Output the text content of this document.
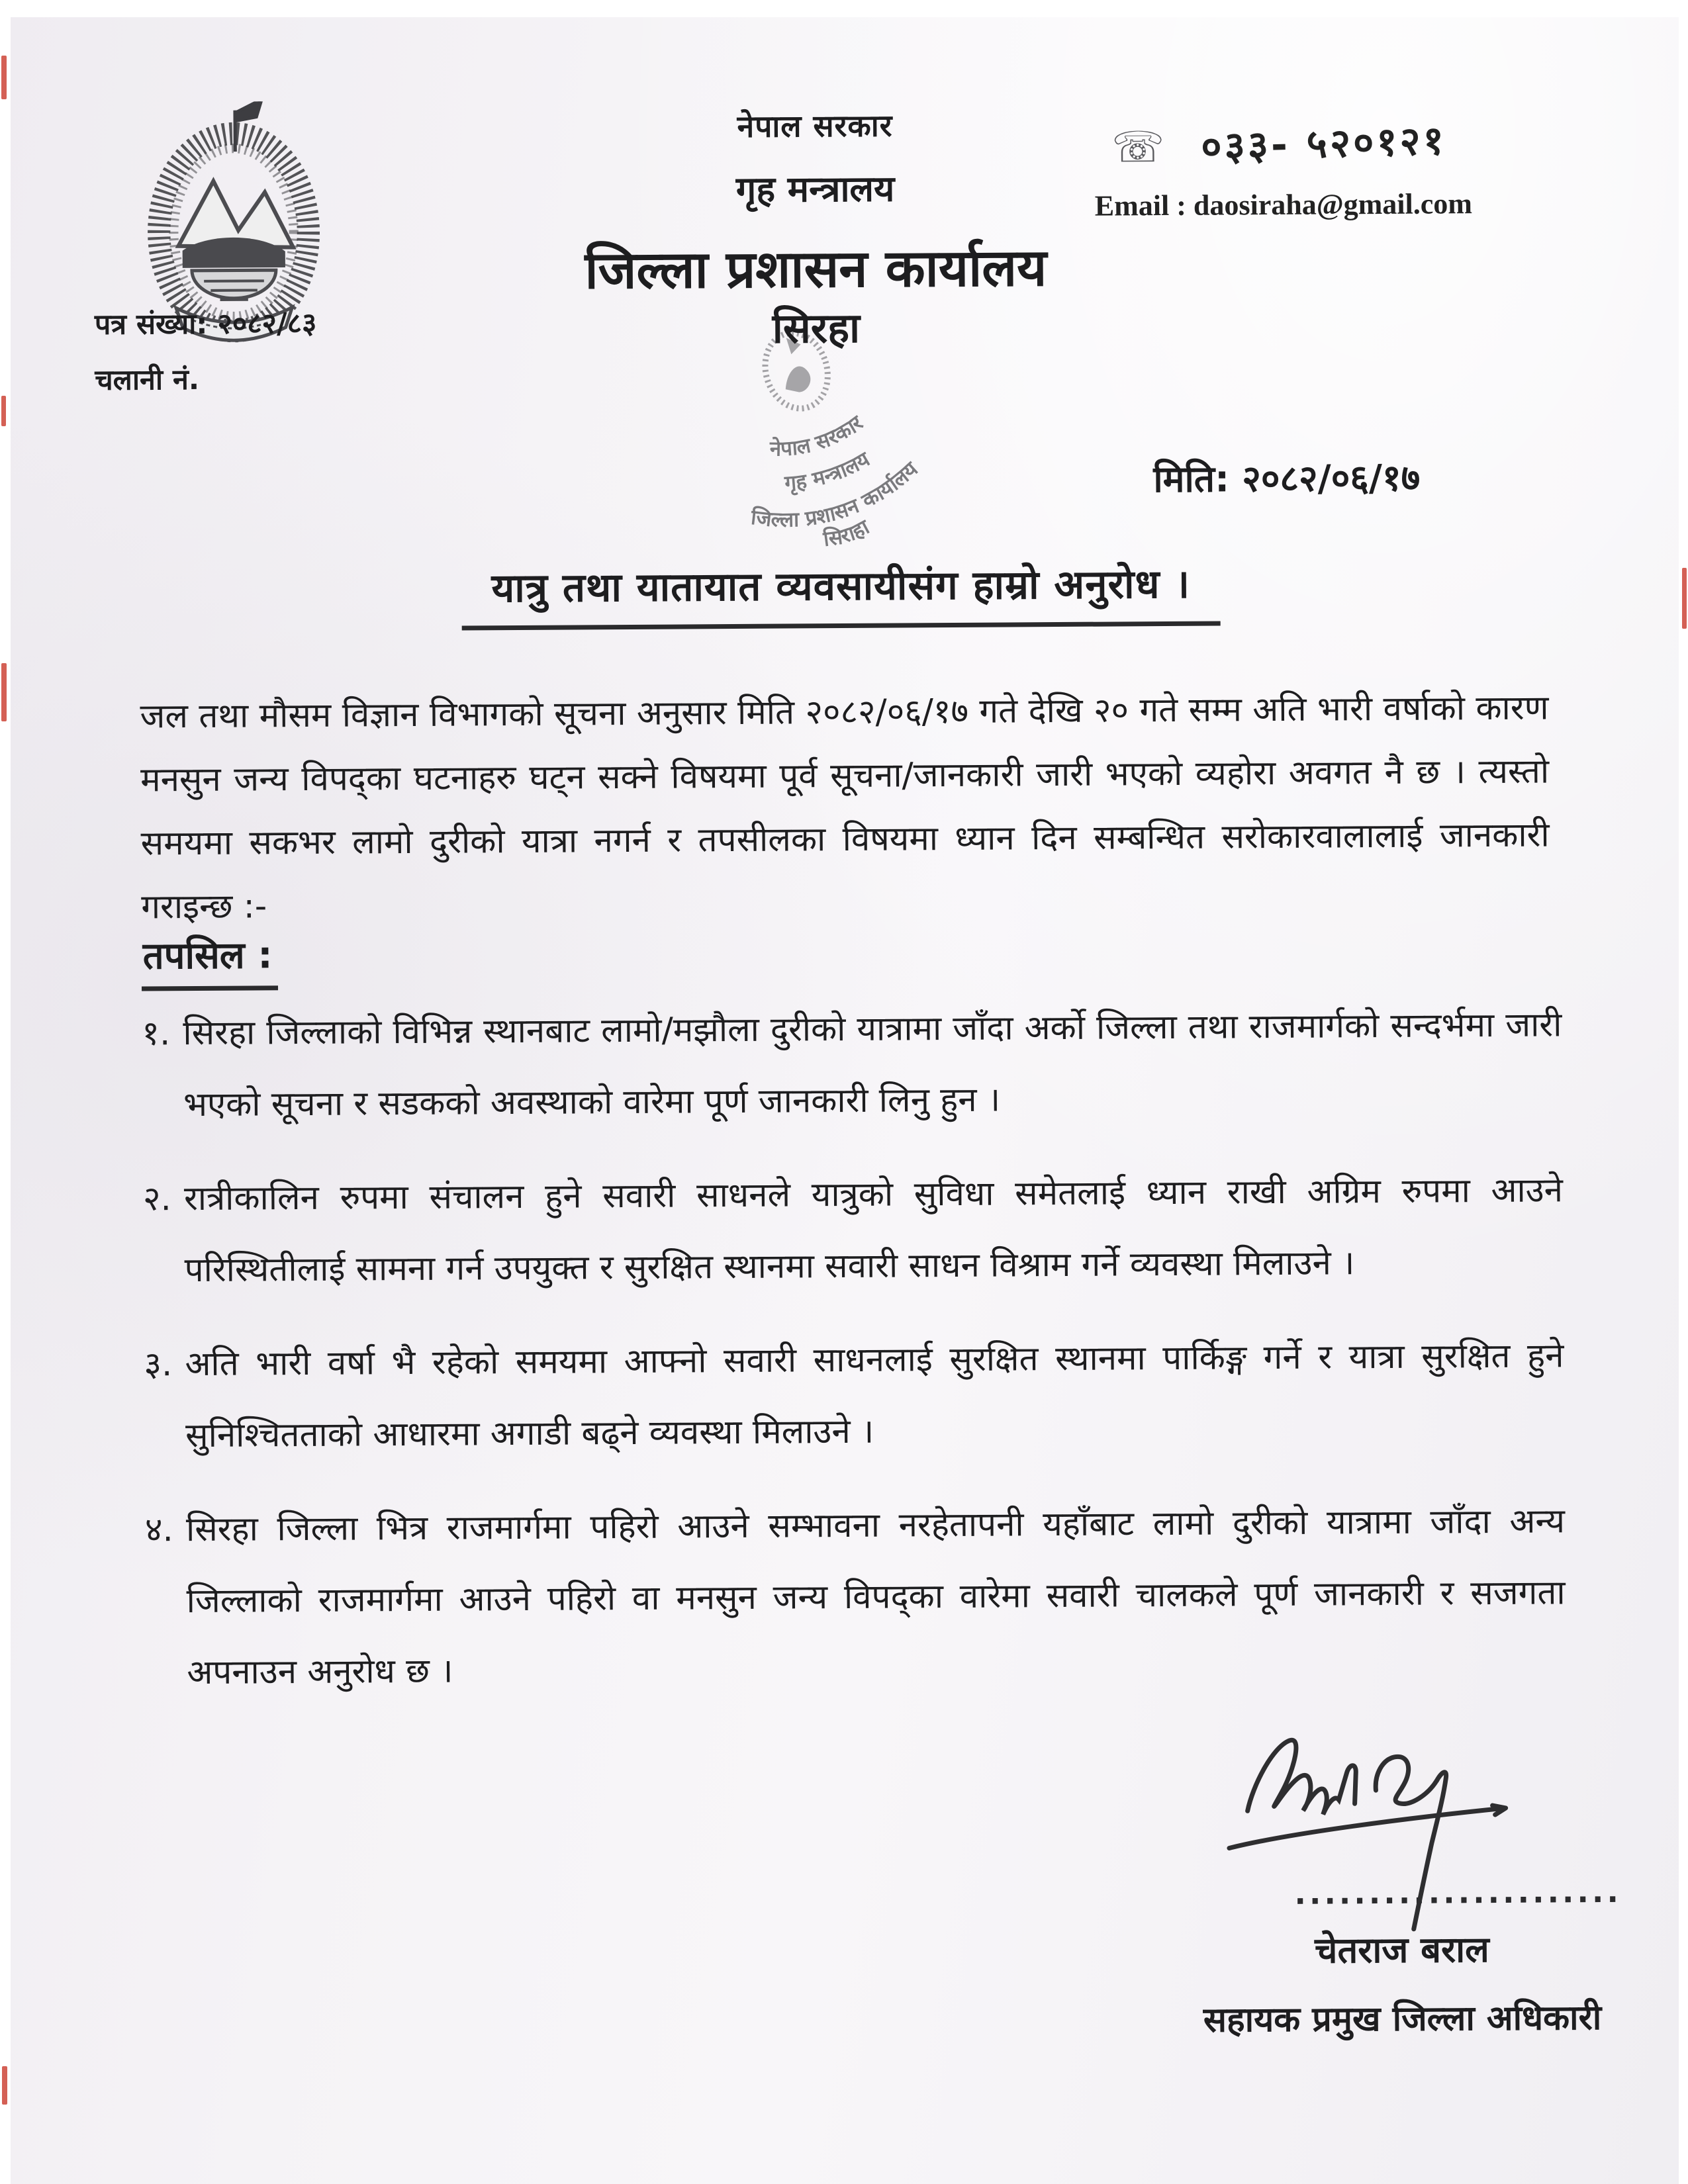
नेपाल सरकार
गृह मन्त्रालय
जिल्ला प्रशासन कार्यालय
सिरहा
☏ ०३३- ५२०१२१
Email : daosiraha@gmail.com
पत्र संख्या: २०८२/८३
चलानी नं.
मिति: २०८२/०६/१७
नेपाल सरकार
गृह मन्त्रालय
जिल्ला प्रशासन कार्यालय
सिराहा
यात्रु तथा यातायात व्यवसायीसंग हाम्रो अनुरोध ।

जल तथा मौसम विज्ञान विभागको सूचना अनुसार मिति २०८२/०६/१७ गते देखि २० गते सम्म अति भारी वर्षाको कारण मनसुन जन्य विपद्का घटनाहरु घट्न सक्ने विषयमा पूर्व सूचना/जानकारी जारी भएको व्यहोरा अवगत नै छ । त्यस्तो समयमा सकभर लामो दुरीको यात्रा नगर्न र तपसीलका विषयमा ध्यान दिन सम्बन्धित सरोकारवालालाई जानकारी गराइन्छ :-

तपसिल :
१. सिरहा जिल्लाको विभिन्न स्थानबाट लामो/मझौला दुरीको यात्रामा जाँदा अर्को जिल्ला तथा राजमार्गको सन्दर्भमा जारी भएको सूचना र सडकको अवस्थाको वारेमा पूर्ण जानकारी लिनु हुन ।
२. रात्रीकालिन रुपमा संचालन हुने सवारी साधनले यात्रुको सुविधा समेतलाई ध्यान राखी अग्रिम रुपमा आउने परिस्थितीलाई सामना गर्न उपयुक्त र सुरक्षित स्थानमा सवारी साधन विश्राम गर्ने व्यवस्था मिलाउने ।
३. अति भारी वर्षा भै रहेको समयमा आफ्नो सवारी साधनलाई सुरक्षित स्थानमा पार्किङ्ग गर्ने र यात्रा सुरक्षित हुने सुनिश्चितताको आधारमा अगाडी बढ्ने व्यवस्था मिलाउने ।
४. सिरहा जिल्ला भित्र राजमार्गमा पहिरो आउने सम्भावना नरहेतापनी यहाँबाट लामो दुरीको यात्रामा जाँदा अन्य जिल्लाको राजमार्गमा आउने पहिरो वा मनसुन जन्य विपद्का वारेमा सवारी चालकले पूर्ण जानकारी र सजगता अपनाउन अनुरोध छ ।
......................
चेतराज बराल
सहायक प्रमुख जिल्ला अधिकारी
